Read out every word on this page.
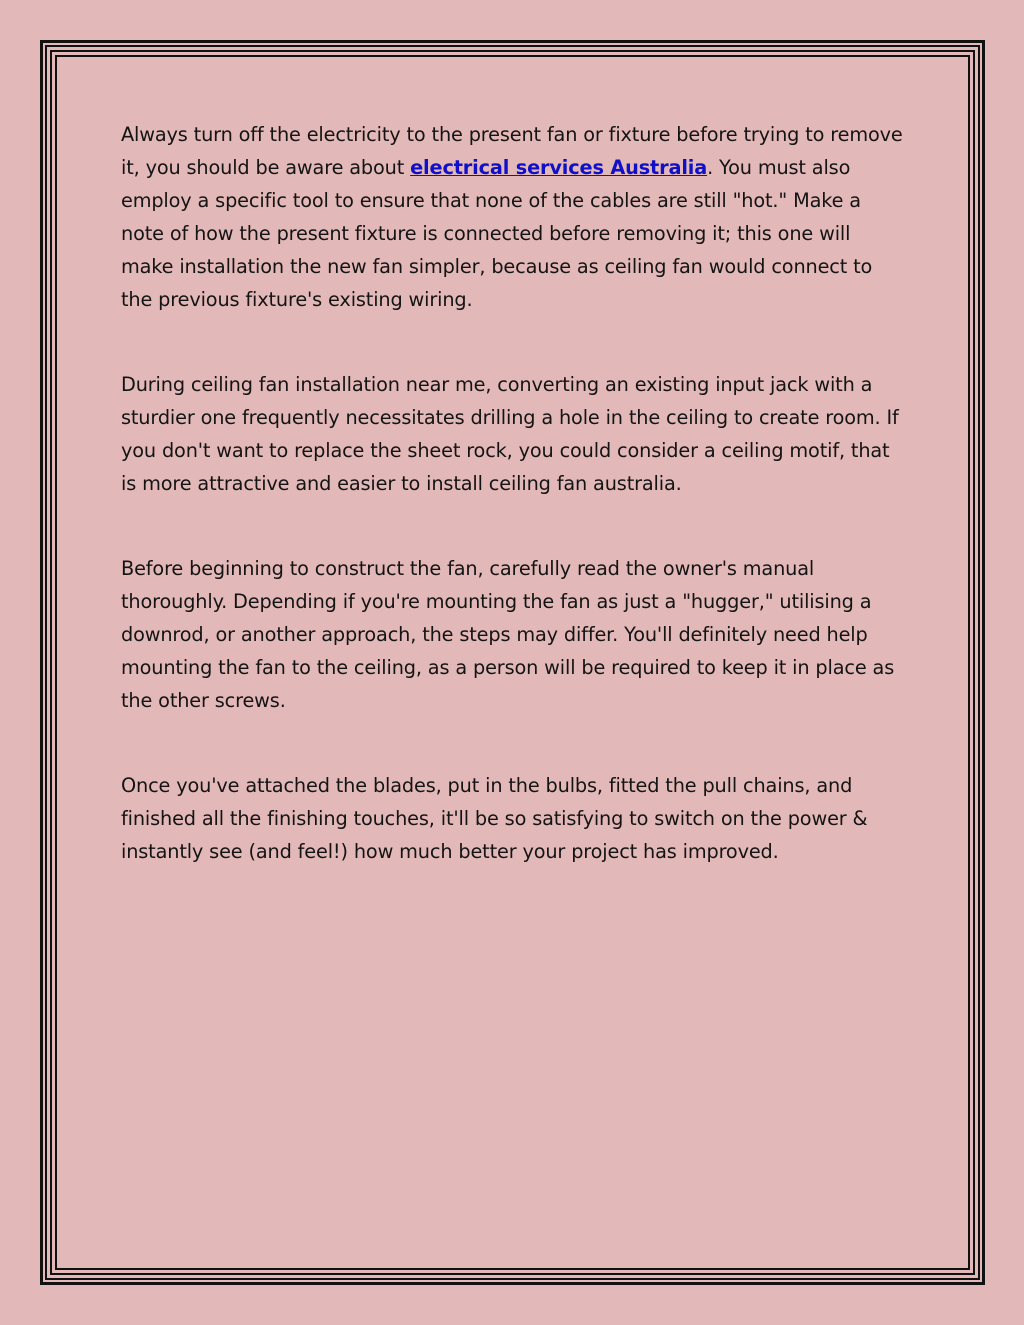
Always turn off the electricity to the present fan or fixture before trying to remove it, you should be aware about electrical services Australia. You must also employ a specific tool to ensure that none of the cables are still "hot." Make a note of how the present fixture is connected before removing it; this one will make installation the new fan simpler, because as ceiling fan would connect to the previous fixture's existing wiring.

During ceiling fan installation near me, converting an existing input jack with a sturdier one frequently necessitates drilling a hole in the ceiling to create room. If you don't want to replace the sheet rock, you could consider a ceiling motif, that is more attractive and easier to install ceiling fan australia.

Before beginning to construct the fan, carefully read the owner's manual thoroughly. Depending if you're mounting the fan as just a "hugger," utilising a downrod, or another approach, the steps may differ. You'll definitely need help mounting the fan to the ceiling, as a person will be required to keep it in place as the other screws.

Once you've attached the blades, put in the bulbs, fitted the pull chains, and finished all the finishing touches, it'll be so satisfying to switch on the power & instantly see (and feel!) how much better your project has improved.
